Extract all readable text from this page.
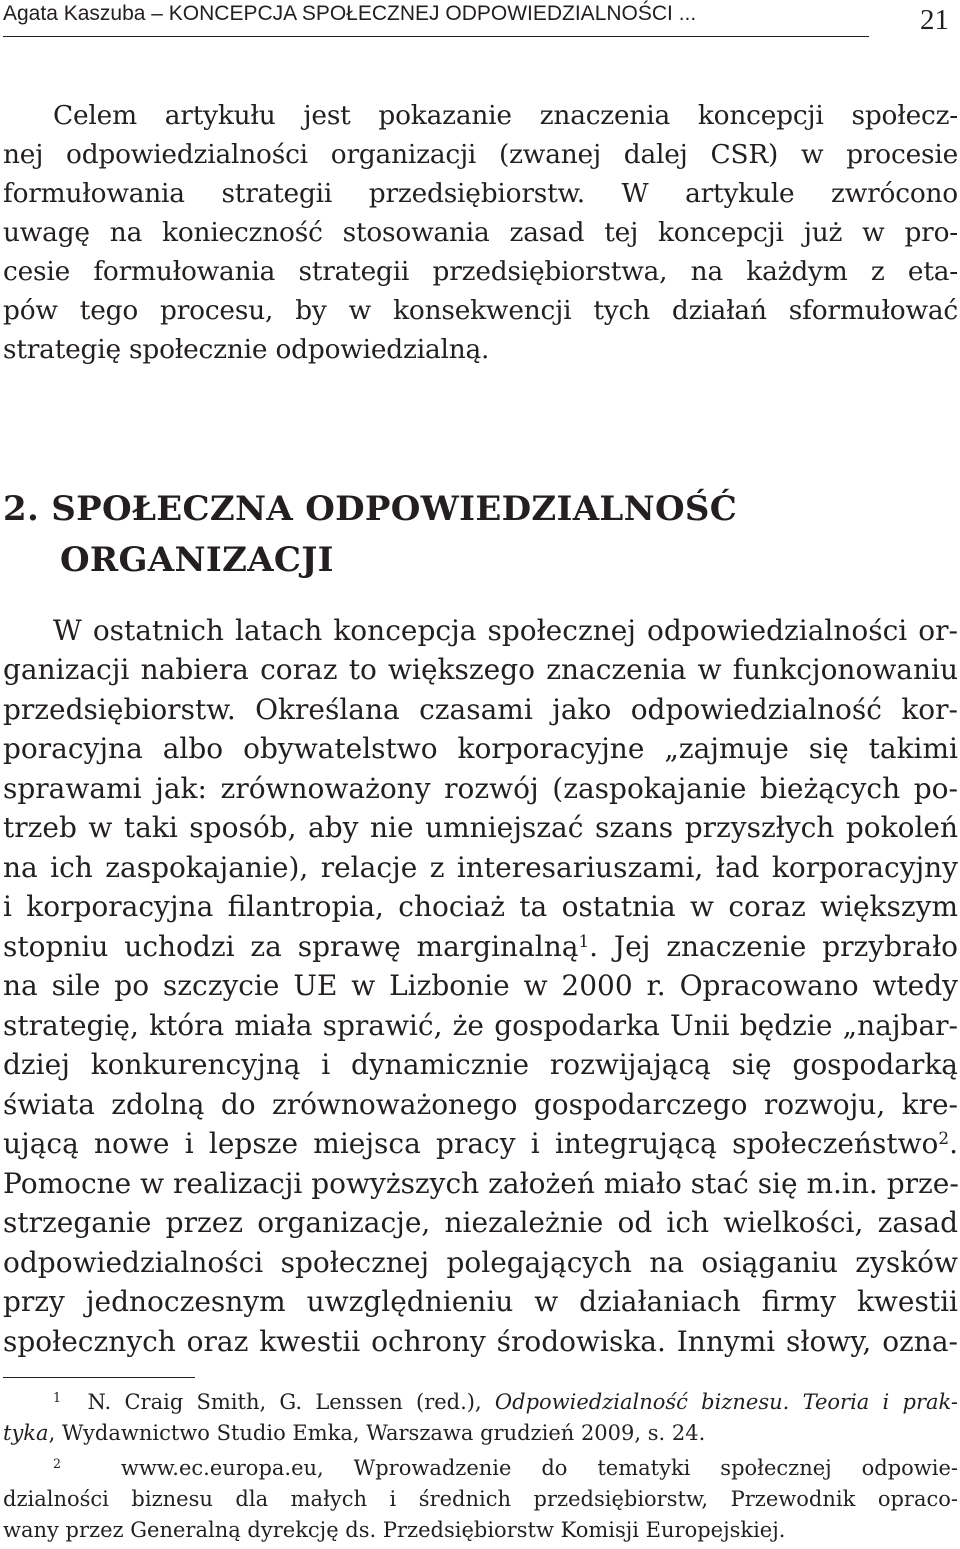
Agata Kaszuba – KONCEPCJA SPOŁECZNEJ ODPOWIEDZIALNOŚCI ...	21
Celem artykułu jest pokazanie znaczenia koncepcji społecz-
nej odpowiedzialności organizacji (zwanej dalej CSR) w procesie
formułowania strategii przedsiębiorstw. W artykule zwrócono
uwagę na konieczność stosowania zasad tej koncepcji już w pro-
cesie formułowania strategii przedsiębiorstwa, na każdym z eta-
pów tego procesu, by w konsekwencji tych działań sformułować
strategię społecznie odpowiedzialną.
2. SPOŁECZNA ODPOWIEDZIALNOŚĆ
ORGANIZACJI
W ostatnich latach koncepcja społecznej odpowiedzialności or-
ganizacji nabiera coraz to większego znaczenia w funkcjonowaniu
przedsiębiorstw. Określana czasami jako odpowiedzialność kor-
poracyjna albo obywatelstwo korporacyjne „zajmuje się takimi
sprawami jak: zrównoważony rozwój (zaspokajanie bieżących po-
trzeb w taki sposób, aby nie umniejszać szans przyszłych pokoleń
na ich zaspokajanie), relacje z interesariuszami, ład korporacyjny
i korporacyjna filantropia, chociaż ta ostatnia w coraz większym
stopniu uchodzi za sprawę marginalną$^1$. Jej znaczenie przybrało
na sile po szczycie UE w Lizbonie w 2000 r. Opracowano wtedy
strategię, która miała sprawić, że gospodarka Unii będzie „najbar-
dziej konkurencyjną i dynamicznie rozwijającą się gospodarką
świata zdolną do zrównoważonego gospodarczego rozwoju, kre-
ującą nowe i lepsze miejsca pracy i integrującą społeczeństwo$^2$.
Pomocne w realizacji powyższych założeń miało stać się m.in. prze-
strzeganie przez organizacje, niezależnie od ich wielkości, zasad
odpowiedzialności społecznej polegających na osiąganiu zysków
przy jednoczesnym uwzględnieniu w działaniach firmy kwestii
społecznych oraz kwestii ochrony środowiska. Innymi słowy, ozna-
$^1$ N. Craig Smith, G. Lenssen (red.), Odpowiedzialność biznesu. Teoria i prak-
tyka, Wydawnictwo Studio Emka, Warszawa grudzień 2009, s. 24.
$^2$	www.ec.europa.eu, Wprowadzenie do tematyki społecznej odpowie-
dzialności biznesu dla małych i średnich przedsiębiorstw, Przewodnik opraco-
wany przez Generalną dyrekcję ds. Przedsiębiorstw Komisji Europejskiej.
